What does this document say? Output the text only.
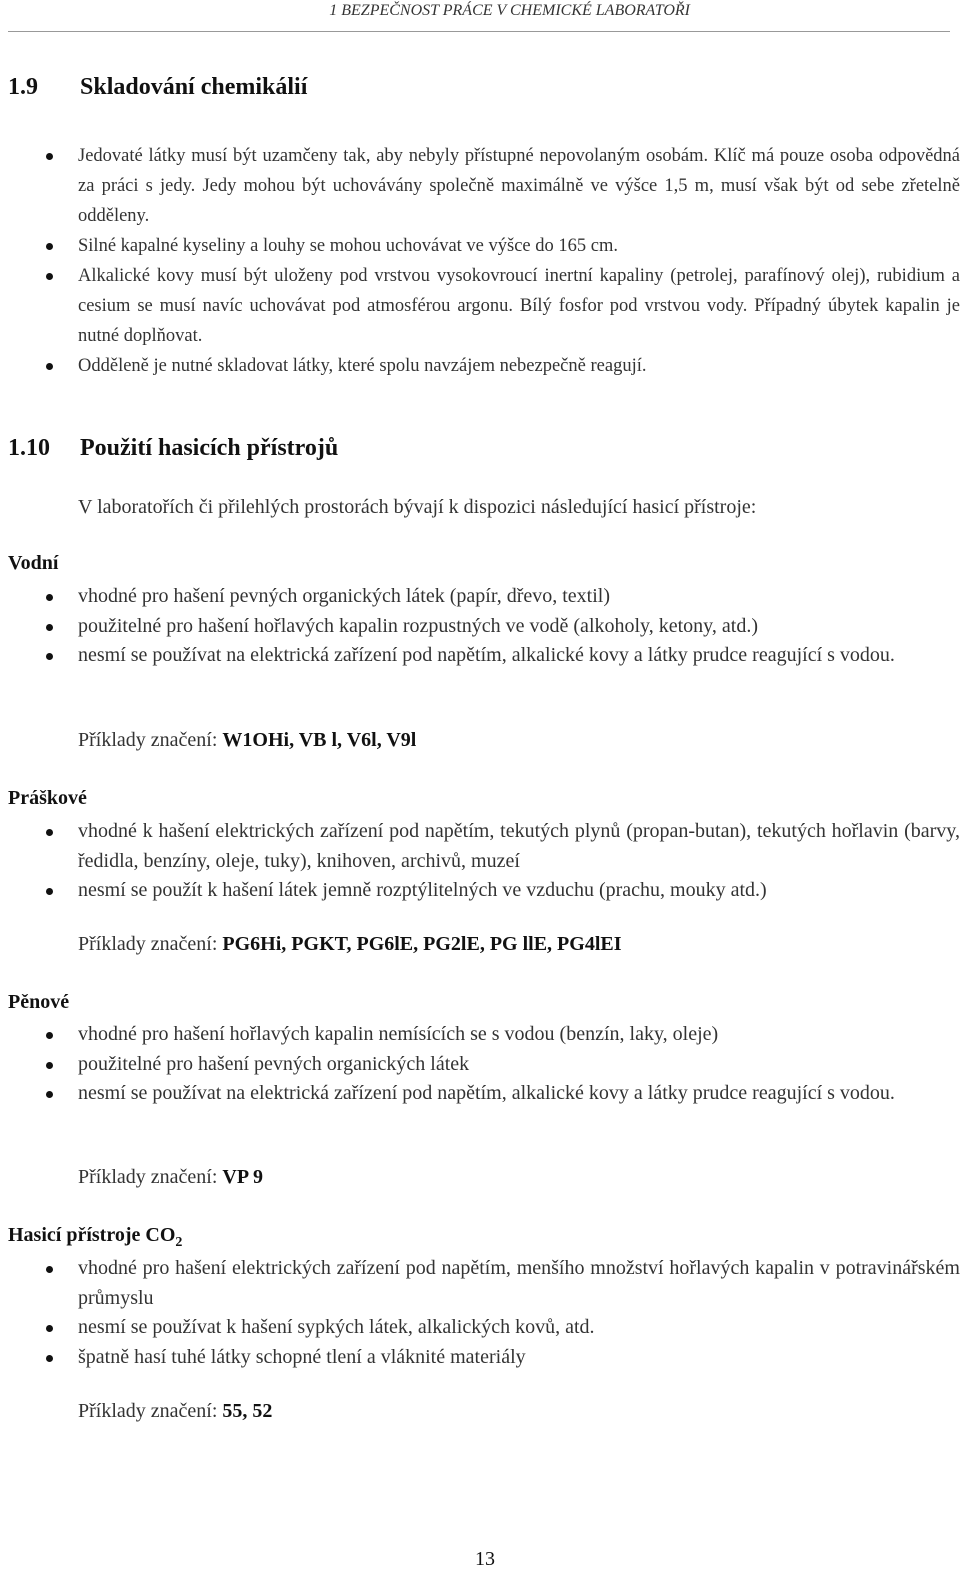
1 BEZPEČNOST PRÁCE V CHEMICKÉ LABORATOŘI
1.9 Skladování chemikálií
Jedovaté látky musí být uzamčeny tak, aby nebyly přístupné nepovolaným osobám. Klíč má pouze osoba odpovědná za práci s jedy. Jedy mohou být uchovávány společně maximálně ve výšce 1,5 m, musí však být od sebe zřetelně odděleny.
Silné kapalné kyseliny a louhy se mohou uchovávat ve výšce do 165 cm.
Alkalické kovy musí být uloženy pod vrstvou vysokovroucí inertní kapaliny (petrolej, parafínový olej), rubidium a cesium se musí navíc uchovávat pod atmosférou argonu. Bílý fosfor pod vrstvou vody. Případný úbytek kapalin je nutné doplňovat.
Odděleně je nutné skladovat látky, které spolu navzájem nebezpečně reagují.
1.10 Použití hasicích přístrojů
V laboratořích či přilehlých prostorách bývají k dispozici následující hasicí přístroje:
Vodní
vhodné pro hašení pevných organických látek (papír, dřevo, textil)
použitelné pro hašení hořlavých kapalin rozpustných ve vodě (alkoholy, ketony, atd.)
nesmí se používat na elektrická zařízení pod napětím, alkalické kovy a látky prudce reagující s vodou.
Příklady značení: W1OHi, VB l, V6l, V9l
Práškové
vhodné k hašení elektrických zařízení pod napětím, tekutých plynů (propan-butan), tekutých hořlavin (barvy, ředidla, benzíny, oleje, tuky), knihoven, archivů, muzeí
nesmí se použít k hašení látek jemně rozptýlitelných ve vzduchu (prachu, mouky atd.)
Příklady značení: PG6Hi, PGKT, PG6lE, PG2lE, PG llE, PG4lEI
Pěnové
vhodné pro hašení hořlavých kapalin nemísících se s vodou (benzín, laky, oleje)
použitelné pro hašení pevných organických látek
nesmí se používat na elektrická zařízení pod napětím, alkalické kovy a látky prudce reagující s vodou.
Příklady značení: VP 9
Hasicí přístroje $CO_2$
vhodné pro hašení elektrických zařízení pod napětím, menšího množství hořlavých kapalin v potravinářském průmyslu
nesmí se používat k hašení sypkých látek, alkalických kovů, atd.
špatně hasí tuhé látky schopné tlení a vláknité materiály
Příklady značení: 55, 52
13
